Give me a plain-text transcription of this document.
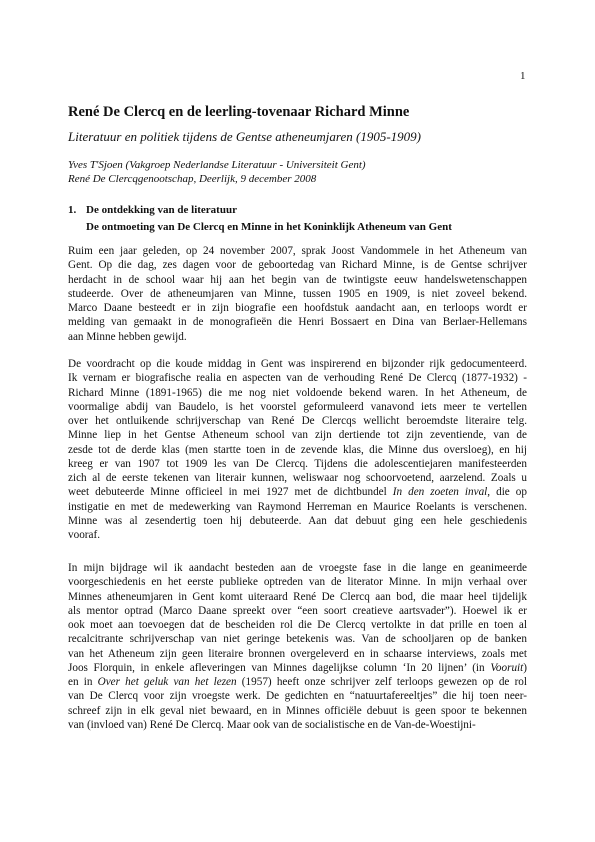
1
René De Clercq en de leerling-tovenaar Richard Minne
Literatuur en politiek tijdens de Gentse atheneumjaren (1905-1909)
Yves T'Sjoen (Vakgroep Nederlandse Literatuur - Universiteit Gent)
René De Clercqgenootschap, Deerlijk, 9 december 2008
1. De ontdekking van de literatuur
De ontmoeting van De Clercq en Minne in het Koninklijk Atheneum van Gent
Ruim een jaar geleden, op 24 november 2007, sprak Joost Vandommele in het Atheneum van
Gent. Op die dag, zes dagen voor de geboortedag van Richard Minne, is de Gentse schrijver
herdacht in de school waar hij aan het begin van de twintigste eeuw handelswetenschappen
studeerde. Over de atheneumjaren van Minne, tussen 1905 en 1909, is niet zoveel bekend.
Marco Daane besteedt er in zijn biografie een hoofdstuk aandacht aan, en terloops wordt er
melding van gemaakt in de monografieën die Henri Bossaert en Dina van Berlaer-Hellemans
aan Minne hebben gewijd.
De voordracht op die koude middag in Gent was inspirerend en bijzonder rijk gedocumenteerd.
Ik vernam er biografische realia en aspecten van de verhouding René De Clercq (1877-1932) -
Richard Minne (1891-1965) die me nog niet voldoende bekend waren. In het Atheneum, de
voormalige abdij van Baudelo, is het voorstel geformuleerd vanavond iets meer te vertellen
over het ontluikende schrijverschap van René De Clercqs wellicht beroemdste literaire telg.
Minne liep in het Gentse Atheneum school van zijn dertiende tot zijn zeventiende, van de
zesde tot de derde klas (men startte toen in de zevende klas, die Minne dus oversloeg), en hij
kreeg er van 1907 tot 1909 les van De Clercq. Tijdens die adolescentiejaren manifesteerden
zich al de eerste tekenen van literair kunnen, weliswaar nog schoorvoetend, aarzelend. Zoals u
weet debuteerde Minne officieel in mei 1927 met de dichtbundel In den zoeten inval, die op
instigatie en met de medewerking van Raymond Herreman en Maurice Roelants is verschenen.
Minne was al zesendertig toen hij debuteerde. Aan dat debuut ging een hele geschiedenis
vooraf.
In mijn bijdrage wil ik aandacht besteden aan de vroegste fase in die lange en geanimeerde
voorgeschiedenis en het eerste publieke optreden van de literator Minne. In mijn verhaal over
Minnes atheneumjaren in Gent komt uiteraard René De Clercq aan bod, die maar heel tijdelijk
als mentor optrad (Marco Daane spreekt over “een soort creatieve aartsvader”). Hoewel ik er
ook moet aan toevoegen dat de bescheiden rol die De Clercq vertolkte in dat prille en toen al
recalcitrante schrijverschap van niet geringe betekenis was. Van de schooljaren op de banken
van het Atheneum zijn geen literaire bronnen overgeleverd en in schaarse interviews, zoals met
Joos Florquin, in enkele afleveringen van Minnes dagelijkse column ‘In 20 lijnen’ (in Vooruit)
en in Over het geluk van het lezen (1957) heeft onze schrijver zelf terloops gewezen op de rol
van De Clercq voor zijn vroegste werk. De gedichten en “natuurtafereeltjes” die hij toen neer-
schreef zijn in elk geval niet bewaard, en in Minnes officiële debuut is geen spoor te bekennen
van (invloed van) René De Clercq. Maar ook van de socialistische en de Van-de-Woestijni-
